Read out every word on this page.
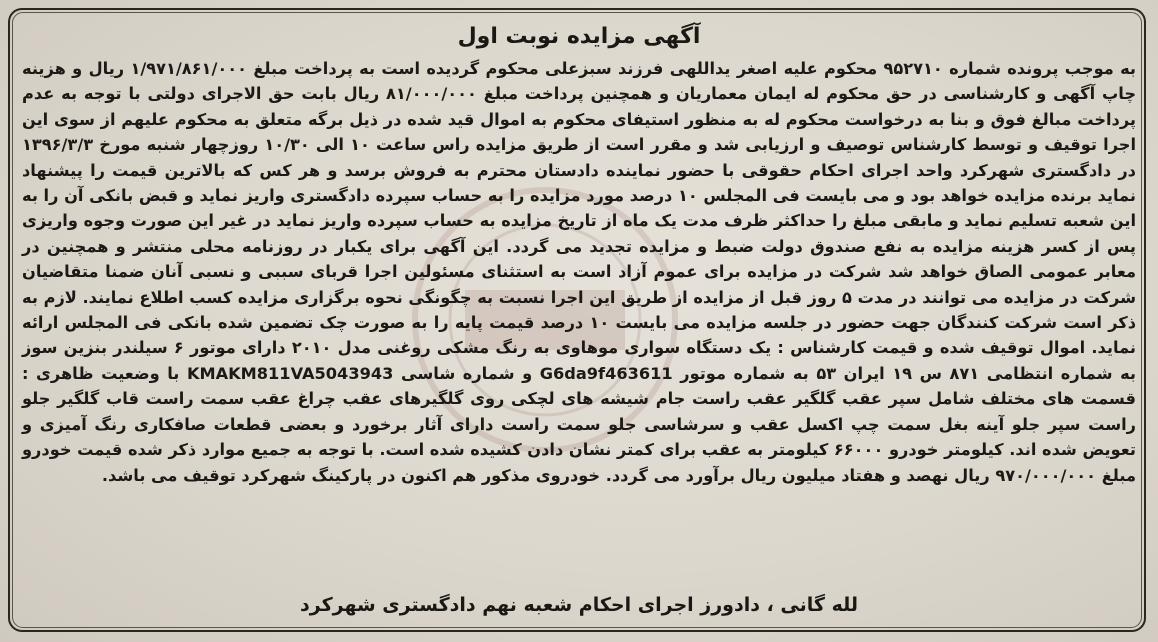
آگهی مزایده نوبت اول
به موجب پرونده شماره ۹۵۲۷۱۰ محکوم علیه اصغر یداللهی فرزند سبزعلی محکوم گردیده است به پرداخت مبلغ ۱/۹۷۱/۸۶۱/۰۰۰ ریال و هزینه چاپ آگهی و کارشناسی در حق محکوم له ایمان معماریان و همچنین پرداخت مبلغ ۸۱/۰۰۰/۰۰۰ ریال بابت حق الاجرای دولتی با توجه به عدم پرداخت مبالغ فوق و بنا به درخواست محکوم له به منظور استیفای محکوم به اموال قید شده در ذیل برگه متعلق به محکوم علیهم از سوی این اجرا توقیف و توسط کارشناس توصیف و ارزیابی شد و مقرر است از طریق مزایده راس ساعت ۱۰ الی ۱۰/۳۰ روزچهار شنبه مورخ ۱۳۹۶/۳/۳ در دادگستری شهرکرد واحد اجرای احکام حقوقی با حضور نماینده دادستان محترم به فروش برسد و هر کس که بالاترین قیمت را پیشنهاد نماید برنده مزایده خواهد بود و می بایست فی المجلس ۱۰ درصد مورد مزایده را به حساب سپرده دادگستری واریز نماید و قبض بانکی آن را به این شعبه تسلیم نماید و مابقی مبلغ را حداکثر ظرف مدت یک ماه از تاریخ مزایده به حساب سپرده واریز نماید در غیر این صورت وجوه واریزی پس از کسر هزینه مزایده به نفع صندوق دولت ضبط و مزایده تجدید می گردد. این آگهی برای یکبار در روزنامه محلی منتشر و همچنین در معابر عمومی الصاق خواهد شد شرکت در مزایده برای عموم آزاد است به استثنای مسئولین اجرا قربای سببی و نسبی آنان ضمنا متقاضیان شرکت در مزایده می توانند در مدت ۵ روز قبل از مزایده از طریق این اجرا نسبت به چگونگی نحوه برگزاری مزایده کسب اطلاع نمایند. لازم به ذکر است شرکت کنندگان جهت حضور در جلسه مزایده می بایست ۱۰ درصد قیمت پایه را به صورت چک تضمین شده بانکی فی المجلس ارائه نماید. اموال توقیف شده و قیمت کارشناس : یک دستگاه سواری موهاوی به رنگ مشکی روغنی مدل ۲۰۱۰ دارای موتور ۶ سیلندر بنزین سوز به شماره انتظامی ۸۷۱ س ۱۹ ایران ۵۳ به شماره موتور G6da9f463611 و شماره شاسی KMAKM811VA5043943 با وضعیت ظاهری : قسمت های مختلف شامل سپر عقب گلگیر عقب راست جام شیشه های لچکی روی گلگیرهای عقب چراغ عقب سمت راست قاب گلگیر جلو راست سپر جلو آینه بغل سمت چپ اکسل عقب و سرشاسی جلو سمت راست دارای آثار برخورد و بعضی قطعات صافکاری رنگ آمیزی و تعویض شده اند. کیلومتر خودرو ۶۶۰۰۰ کیلومتر به عقب برای کمتر نشان دادن کشیده شده است. با توجه به جمیع موارد ذکر شده قیمت خودرو مبلغ ۹۷۰/۰۰۰/۰۰۰ ریال نهصد و هفتاد میلیون ریال برآورد می گردد. خودروی مذکور هم اکنون در پارکینگ شهرکرد توقیف می باشد.
لله گانی ، دادورز اجرای احکام شعبه نهم دادگستری شهرکرد
